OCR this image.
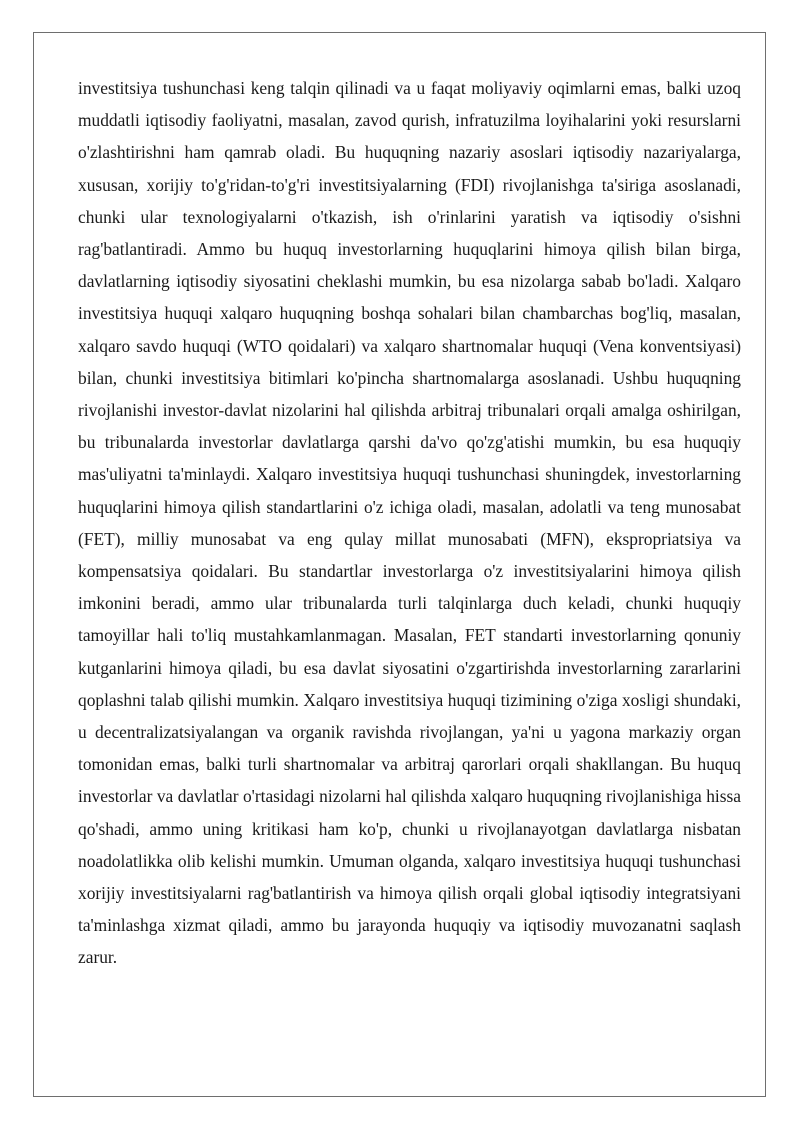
investitsiya tushunchasi keng talqin qilinadi va u faqat moliyaviy oqimlarni emas, balki uzoq muddatli iqtisodiy faoliyatni, masalan, zavod qurish, infratuzilma loyihalarini yoki resurslarni o'zlashtirishni ham qamrab oladi. Bu huquqning nazariy asoslari iqtisodiy nazariyalarga, xususan, xorijiy to'g'ridan-to'g'ri investitsiyalarning (FDI) rivojlanishga ta'siriga asoslanadi, chunki ular texnologiyalarni o'tkazish, ish o'rinlarini yaratish va iqtisodiy o'sishni rag'batlantiradi. Ammo bu huquq investorlarning huquqlarini himoya qilish bilan birga, davlatlarning iqtisodiy siyosatini cheklashi mumkin, bu esa nizolarga sabab bo'ladi. Xalqaro investitsiya huquqi xalqaro huquqning boshqa sohalari bilan chambarchas bog'liq, masalan, xalqaro savdo huquqi (WTO qoidalari) va xalqaro shartnomalar huquqi (Vena konventsiyasi) bilan, chunki investitsiya bitimlari ko'pincha shartnomalarga asoslanadi. Ushbu huquqning rivojlanishi investor-davlat nizolarini hal qilishda arbitraj tribunalari orqali amalga oshirilgan, bu tribunalarda investorlar davlatlarga qarshi da'vo qo'zg'atishi mumkin, bu esa huquqiy mas'uliyatni ta'minlaydi. Xalqaro investitsiya huquqi tushunchasi shuningdek, investorlarning huquqlarini himoya qilish standartlarini o'z ichiga oladi, masalan, adolatli va teng munosabat (FET), milliy munosabat va eng qulay millat munosabati (MFN), ekspropriatsiya va kompensatsiya qoidalari. Bu standartlar investorlarga o'z investitsiyalarini himoya qilish imkonini beradi, ammo ular tribunalarda turli talqinlarga duch keladi, chunki huquqiy tamoyillar hali to'liq mustahkamlanmagan. Masalan, FET standarti investorlarning qonuniy kutganlarini himoya qiladi, bu esa davlat siyosatini o'zgartirishda investorlarning zararlarini qoplashni talab qilishi mumkin. Xalqaro investitsiya huquqi tizimining o'ziga xosligi shundaki, u decentralizatsiyalangan va organik ravishda rivojlangan, ya'ni u yagona markaziy organ tomonidan emas, balki turli shartnomalar va arbitraj qarorlari orqali shakllangan. Bu huquq investorlar va davlatlar o'rtasidagi nizolarni hal qilishda xalqaro huquqning rivojlanishiga hissa qo'shadi, ammo uning kritikasi ham ko'p, chunki u rivojlanayotgan davlatlarga nisbatan noadolatlikka olib kelishi mumkin. Umuman olganda, xalqaro investitsiya huquqi tushunchasi xorijiy investitsiyalarni rag'batlantirish va himoya qilish orqali global iqtisodiy integratsiyani ta'minlashga xizmat qiladi, ammo bu jarayonda huquqiy va iqtisodiy muvozanatni saqlash zarur.
